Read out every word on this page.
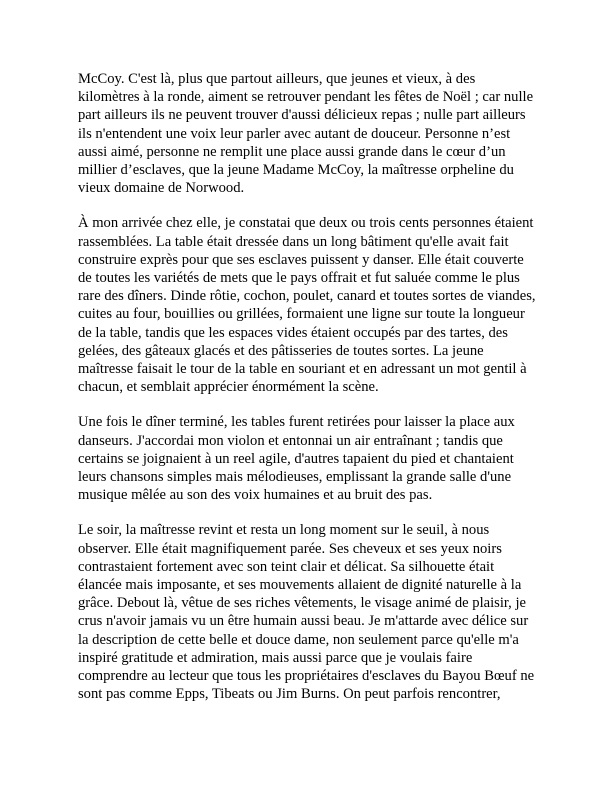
McCoy. C'est là, plus que partout ailleurs, que jeunes et vieux, à des kilomètres à la ronde, aiment se retrouver pendant les fêtes de Noël ; car nulle part ailleurs ils ne peuvent trouver d'aussi délicieux repas ; nulle part ailleurs ils n'entendent une voix leur parler avec autant de douceur. Personne n’est aussi aimé, personne ne remplit une place aussi grande dans le cœur d’un millier d’esclaves, que la jeune Madame McCoy, la maîtresse orpheline du vieux domaine de Norwood.

À mon arrivée chez elle, je constatai que deux ou trois cents personnes étaient rassemblées. La table était dressée dans un long bâtiment qu'elle avait fait construire exprès pour que ses esclaves puissent y danser. Elle était couverte de toutes les variétés de mets que le pays offrait et fut saluée comme le plus rare des dîners. Dinde rôtie, cochon, poulet, canard et toutes sortes de viandes, cuites au four, bouillies ou grillées, formaient une ligne sur toute la longueur de la table, tandis que les espaces vides étaient occupés par des tartes, des gelées, des gâteaux glacés et des pâtisseries de toutes sortes. La jeune maîtresse faisait le tour de la table en souriant et en adressant un mot gentil à chacun, et semblait apprécier énormément la scène.

Une fois le dîner terminé, les tables furent retirées pour laisser la place aux danseurs. J'accordai mon violon et entonnai un air entraînant ; tandis que certains se joignaient à un reel agile, d'autres tapaient du pied et chantaient leurs chansons simples mais mélodieuses, emplissant la grande salle d'une musique mêlée au son des voix humaines et au bruit des pas.

Le soir, la maîtresse revint et resta un long moment sur le seuil, à nous observer. Elle était magnifiquement parée. Ses cheveux et ses yeux noirs contrastaient fortement avec son teint clair et délicat. Sa silhouette était élancée mais imposante, et ses mouvements allaient de dignité naturelle à la grâce. Debout là, vêtue de ses riches vêtements, le visage animé de plaisir, je crus n'avoir jamais vu un être humain aussi beau. Je m'attarde avec délice sur la description de cette belle et douce dame, non seulement parce qu'elle m'a inspiré gratitude et admiration, mais aussi parce que je voulais faire comprendre au lecteur que tous les propriétaires d'esclaves du Bayou Bœuf ne sont pas comme Epps, Tibeats ou Jim Burns. On peut parfois rencontrer,
